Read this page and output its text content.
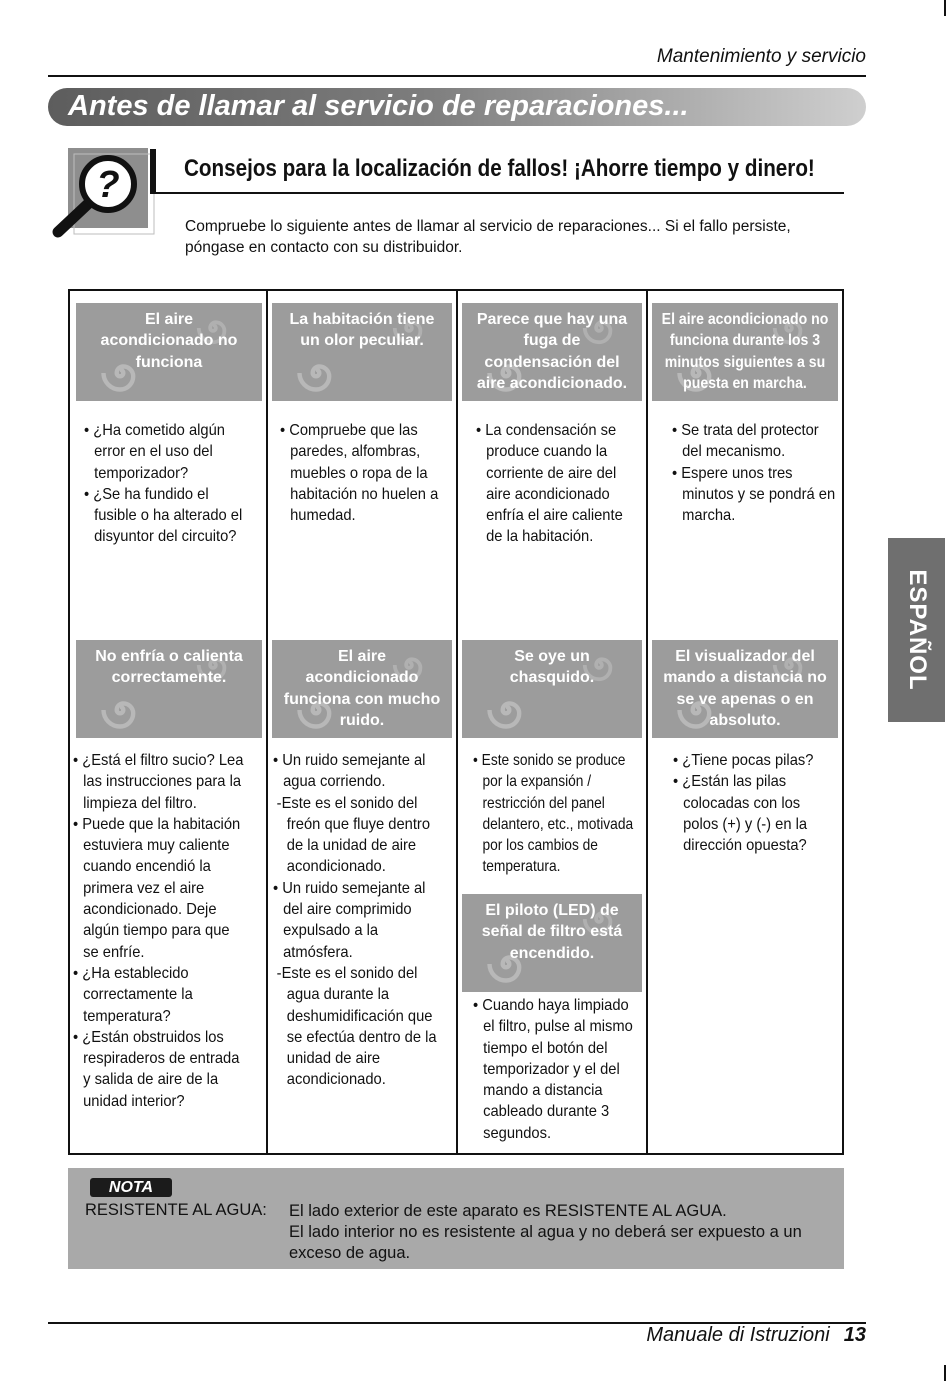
Mantenimiento y servicio
Antes de llamar al servicio de reparaciones...
?	Consejos para la localización de fallos! ¡Ahorre tiempo y dinero!
Compruebe lo siguiente antes de llamar al servicio de reparaciones... Si el fallo persiste, póngase en contacto con su distribuidor.
El aire acondicionado no funciona
La habitación tiene un olor peculiar.
Parece que hay una fuga de condensación del aire acondicionado.
El aire acondicionado no funciona durante los 3 minutos siguientes a su puesta en marcha.
• ¿Ha cometido algún error en el uso del temporizador?
• ¿Se ha fundido el fusible o ha alterado el disyuntor del circuito?
• Compruebe que las paredes, alfombras, muebles o ropa de la habitación no huelen a humedad.
• La condensación se produce cuando la corriente de aire del aire acondicionado enfría el aire caliente de la habitación.
• Se trata del protector del mecanismo.
• Espere unos tres minutos y se pondrá en marcha.
No enfría o calienta correctamente.
El aire acondicionado funciona con mucho ruido.
Se oye un chasquido.
El visualizador del mando a distancia no se ve apenas o en absoluto.
• ¿Está el filtro sucio? Lea las instrucciones para la limpieza del filtro.
• Puede que la habitación estuviera muy caliente cuando encendió la primera vez el aire acondicionado. Deje algún tiempo para que se enfríe.
• ¿Ha establecido correctamente la temperatura?
• ¿Están obstruidos los respiraderos de entrada y salida de aire de la unidad interior?
• Un ruido semejante al agua corriendo.
-Este es el sonido del freón que fluye dentro de la unidad de aire acondicionado.
• Un ruido semejante al del aire comprimido expulsado a la atmósfera.
-Este es el sonido del agua durante la deshumidificación que se efectúa dentro de la unidad de aire acondicionado.
• Este sonido se produce por la expansión / restricción del panel delantero, etc., motivada por los cambios de temperatura.
• ¿Tiene pocas pilas?
• ¿Están las pilas colocadas con los polos (+) y (-) en la dirección opuesta?
El piloto (LED) de señal de filtro está encendido.
• Cuando haya limpiado el filtro, pulse al mismo tiempo el botón del temporizador y el del mando a distancia cableado durante 3 segundos.
NOTA
RESISTENTE AL AGUA: El lado exterior de este aparato es RESISTENTE AL AGUA.
El lado interior no es resistente al agua y no deberá ser expuesto a un exceso de agua.
ESPAÑOL
Manuale di Istruzioni 13
